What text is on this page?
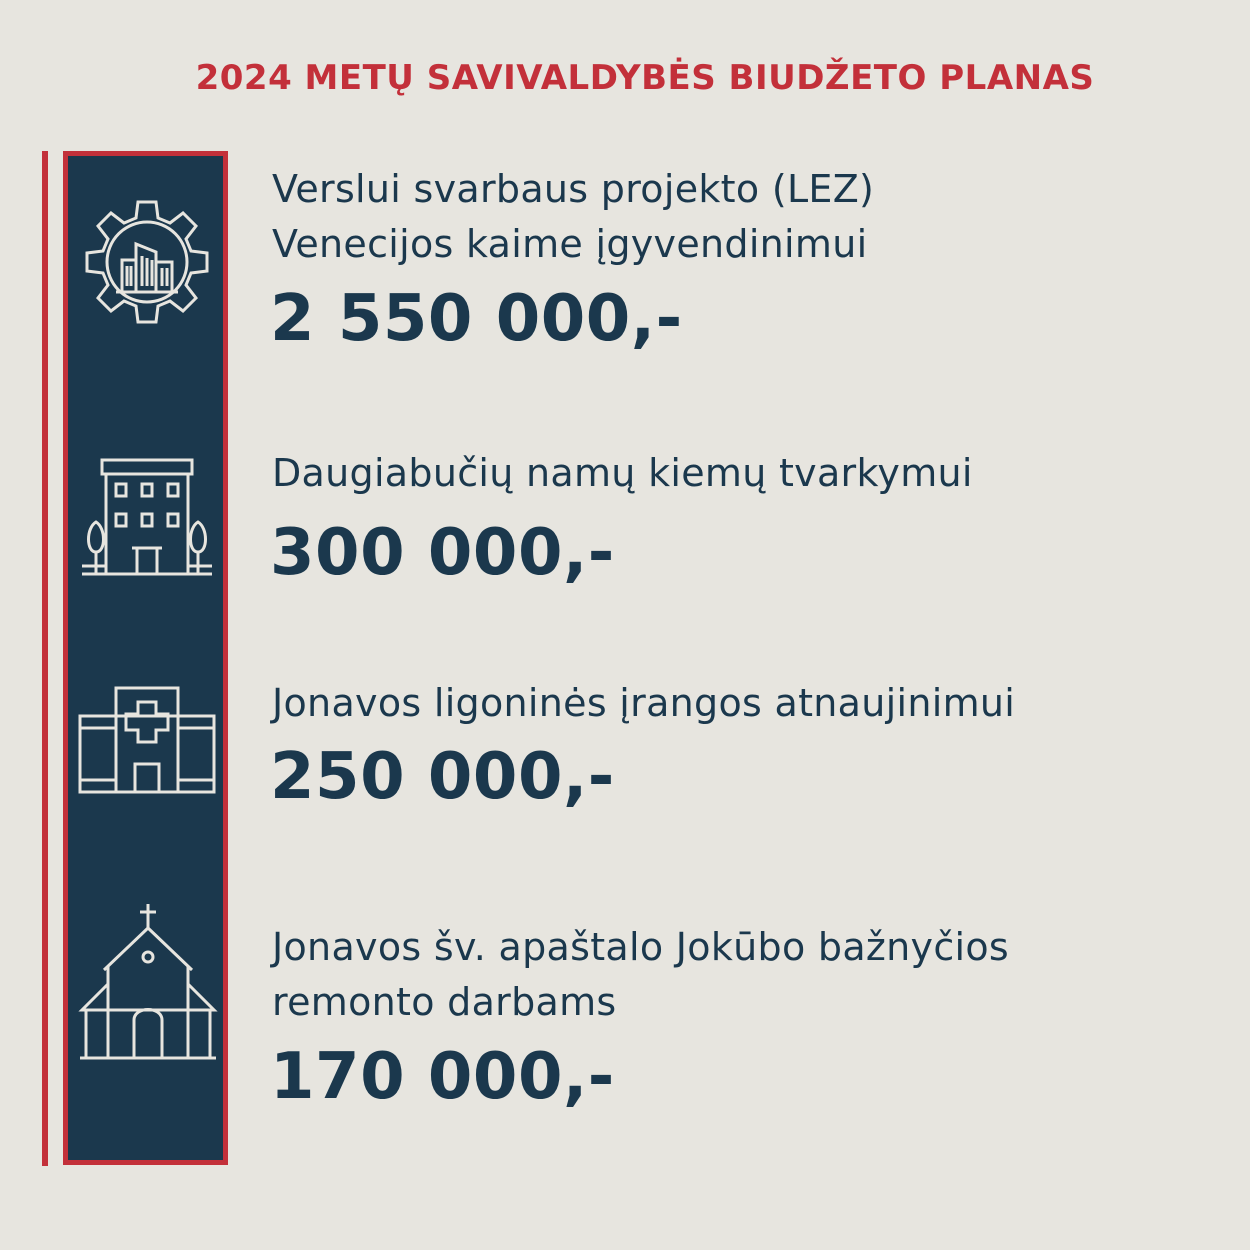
2024 METŲ SAVIVALDYBĖS BIUDŽETO PLANAS
Verslui svarbaus projekto (LEZ)
Venecijos kaime įgyvendinimui
2 550 000,-
Daugiabučių namų kiemų tvarkymui
300 000,-
Jonavos ligoninės įrangos atnaujinimui
250 000,-
Jonavos šv. apaštalo Jokūbo bažnyčios
remonto darbams
170 000,-
